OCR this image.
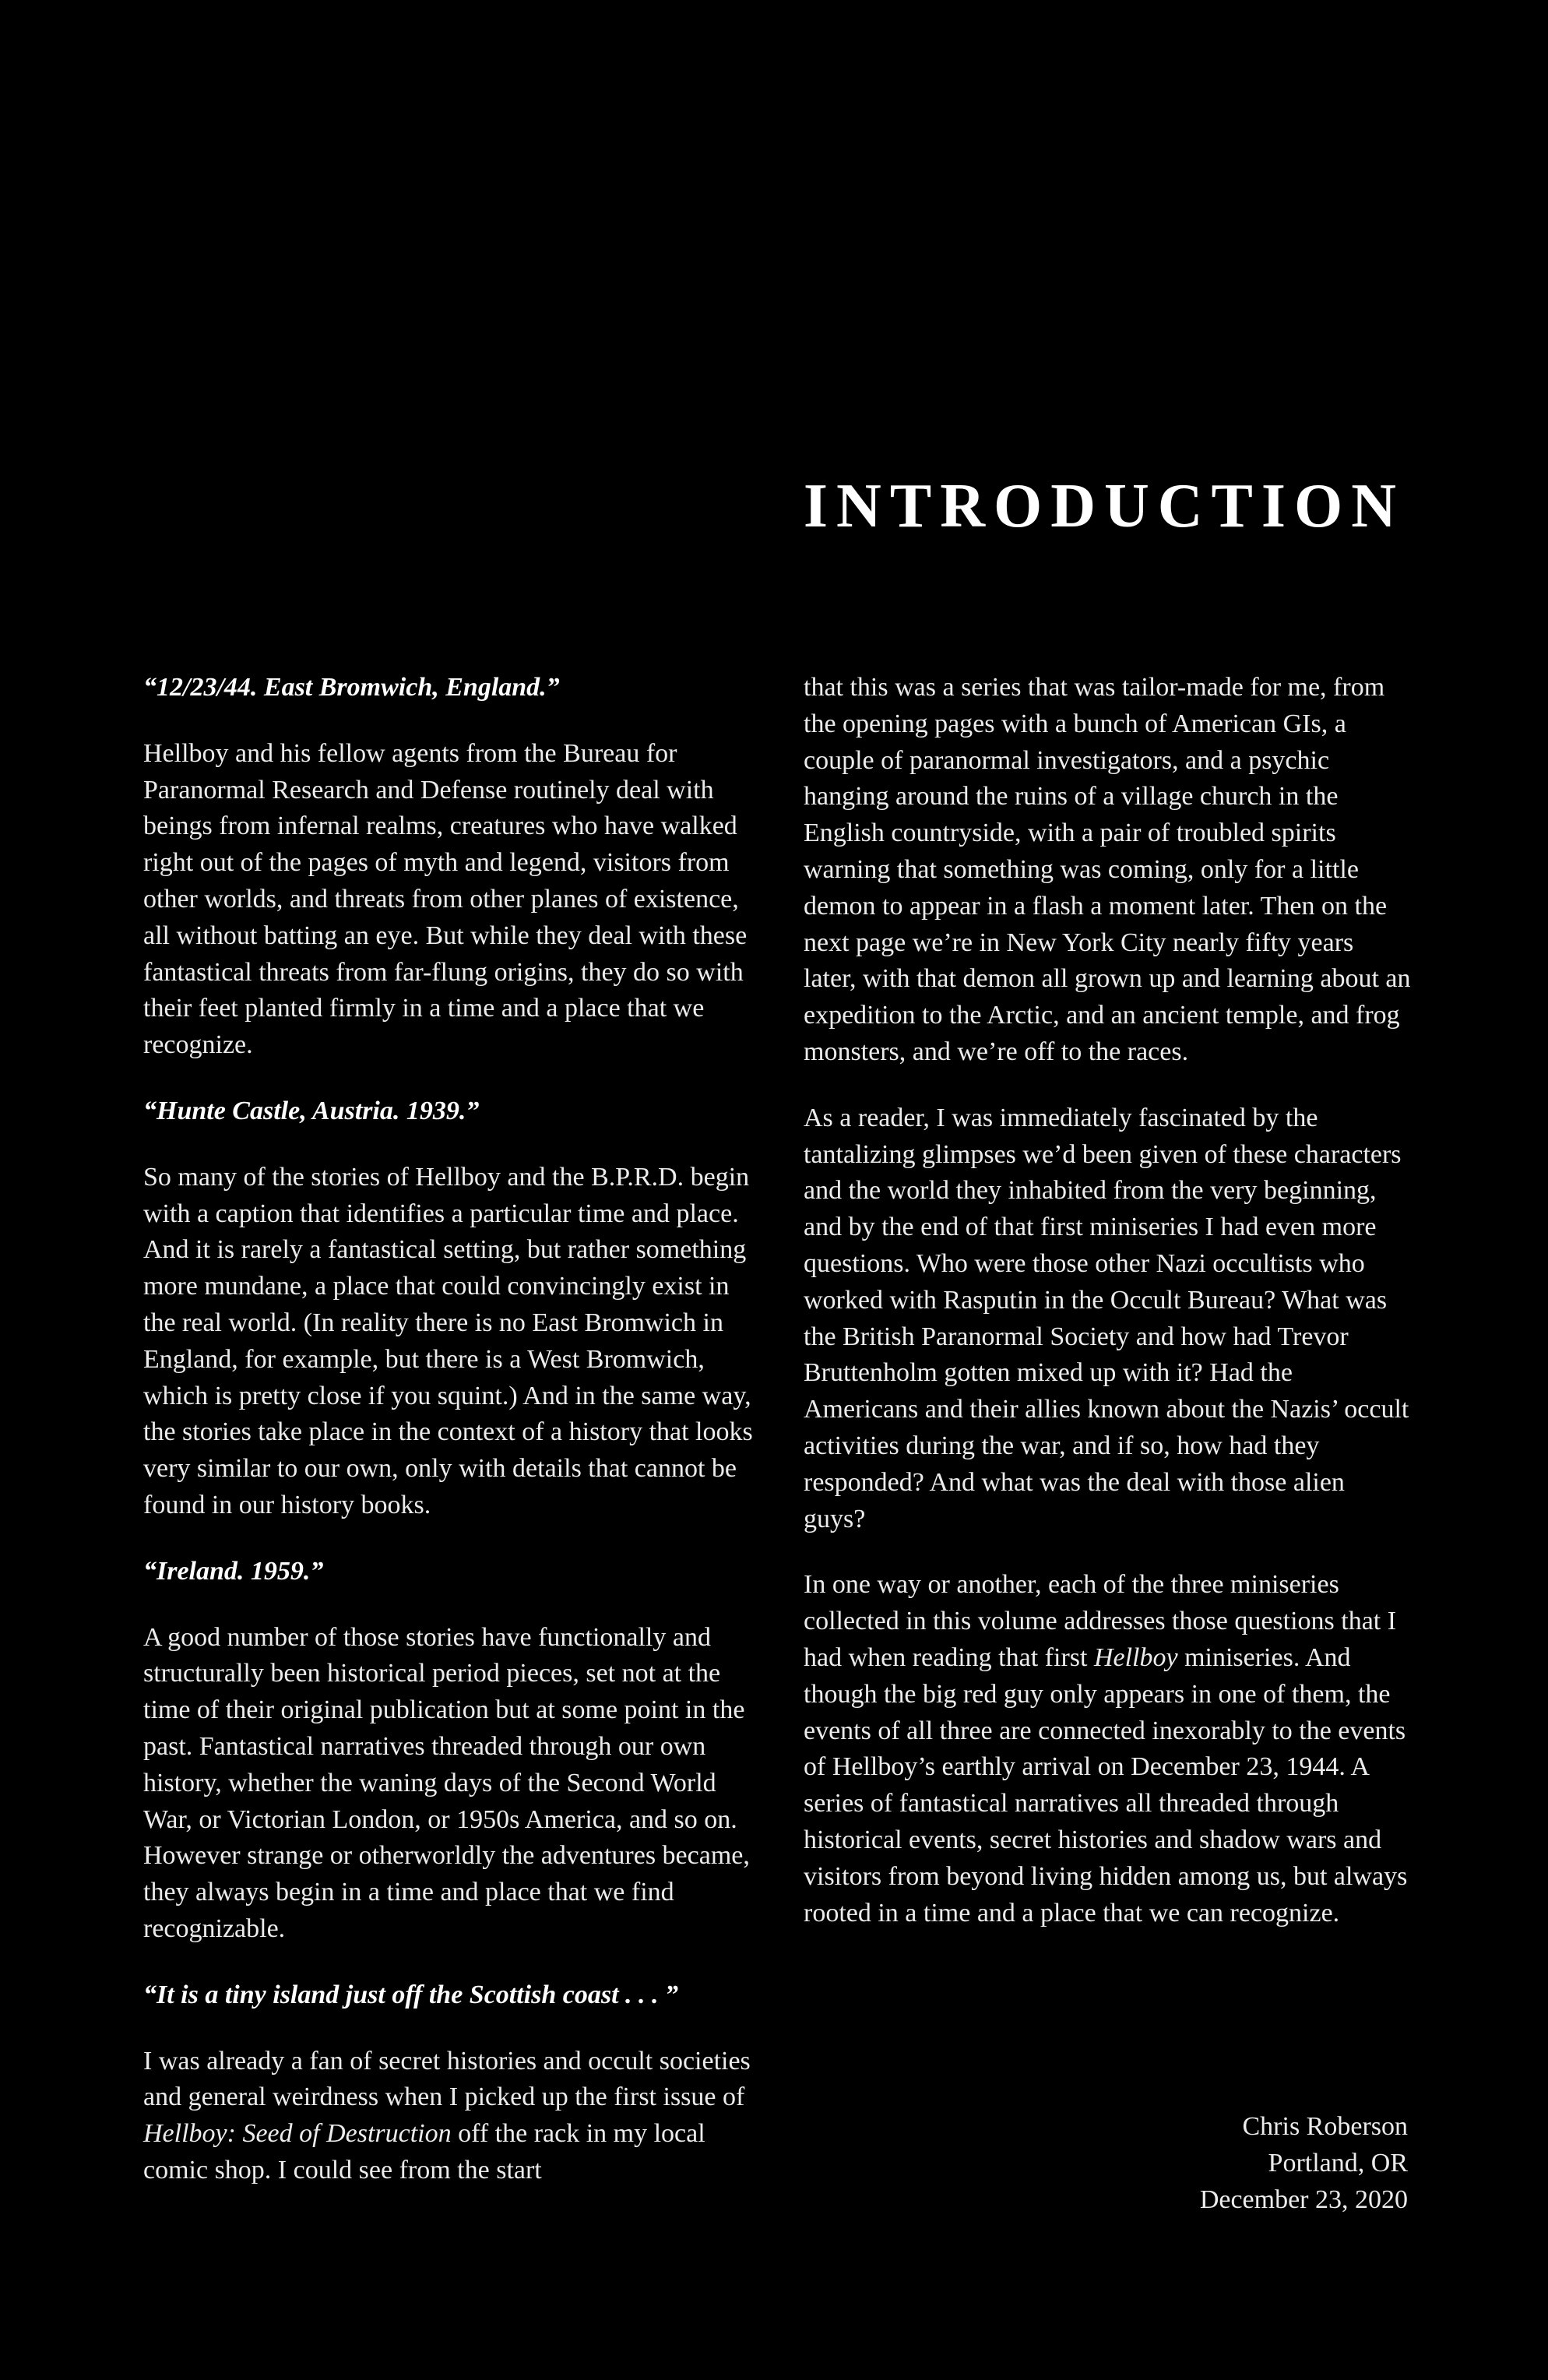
INTRODUCTION

“12/23/44. East Bromwich, England.”

Hellboy and his fellow agents from the Bureau for Paranormal Research and Defense routinely deal with beings from infernal realms, creatures who have walked right out of the pages of myth and legend, visitors from other worlds, and threats from other planes of existence, all without batting an eye. But while they deal with these fantastical threats from far-flung origins, they do so with their feet planted firmly in a time and a place that we recognize.

“Hunte Castle, Austria. 1939.”

So many of the stories of Hellboy and the B.P.R.D. begin with a caption that identifies a particular time and place. And it is rarely a fantastical setting, but rather something more mundane, a place that could convincingly exist in the real world. (In reality there is no East Bromwich in England, for example, but there is a West Bromwich, which is pretty close if you squint.) And in the same way, the stories take place in the context of a history that looks very similar to our own, only with details that cannot be found in our history books.

“Ireland. 1959.”

A good number of those stories have functionally and structurally been historical period pieces, set not at the time of their original publication but at some point in the past. Fantastical narratives threaded through our own history, whether the waning days of the Second World War, or Victorian London, or 1950s America, and so on. However strange or otherworldly the adventures became, they always begin in a time and place that we find recognizable.

“It is a tiny island just off the Scottish coast . . . ”

I was already a fan of secret histories and occult societies and general weirdness when I picked up the first issue of Hellboy: Seed of Destruction off the rack in my local comic shop. I could see from the start

that this was a series that was tailor-made for me, from the opening pages with a bunch of American GIs, a couple of paranormal investigators, and a psychic hanging around the ruins of a village church in the English countryside, with a pair of troubled spirits warning that something was coming, only for a little demon to appear in a flash a moment later. Then on the next page we’re in New York City nearly fifty years later, with that demon all grown up and learning about an expedition to the Arctic, and an ancient temple, and frog monsters, and we’re off to the races.

As a reader, I was immediately fascinated by the tantalizing glimpses we’d been given of these characters and the world they inhabited from the very beginning, and by the end of that first miniseries I had even more questions. Who were those other Nazi occultists who worked with Rasputin in the Occult Bureau? What was the British Paranormal Society and how had Trevor Bruttenholm gotten mixed up with it? Had the Americans and their allies known about the Nazis’ occult activities during the war, and if so, how had they responded? And what was the deal with those alien guys?

In one way or another, each of the three miniseries collected in this volume addresses those questions that I had when reading that first Hellboy miniseries. And though the big red guy only appears in one of them, the events of all three are connected inexorably to the events of Hellboy’s earthly arrival on December 23, 1944. A series of fantastical narratives all threaded through historical events, secret histories and shadow wars and visitors from beyond living hidden among us, but always rooted in a time and a place that we can recognize.

Chris Roberson
Portland, OR
December 23, 2020
